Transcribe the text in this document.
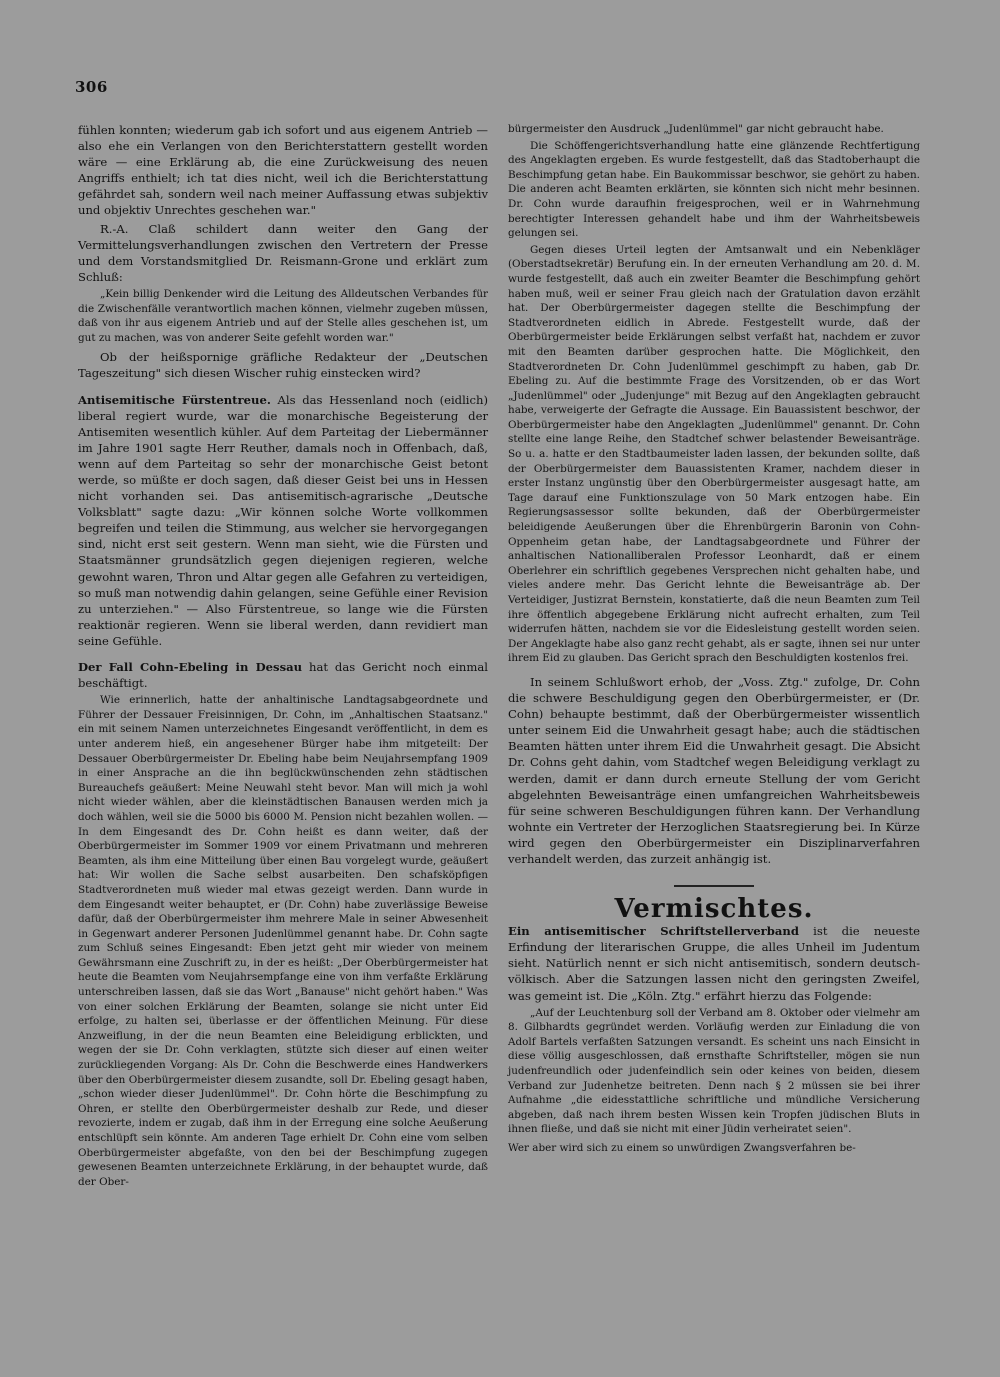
306

fühlen konnten; wiederum gab ich sofort und aus eigenem Antrieb — also ehe ein Verlangen von den Berichterstattern gestellt worden wäre — eine Erklärung ab, die eine Zurückweisung des neuen Angriffs enthielt; ich tat dies nicht, weil ich die Berichterstattung gefährdet sah, sondern weil nach meiner Auffassung etwas subjektiv und objektiv Unrechtes geschehen war."

R.-A. Claß schildert dann weiter den Gang der Vermittelungsverhandlungen zwischen den Vertretern der Presse und dem Vorstandsmitglied Dr. Reismann-Grone und erklärt zum Schluß:

„Kein billig Denkender wird die Leitung des Alldeutschen Verbandes für die Zwischenfälle verantwortlich machen können, vielmehr zugeben müssen, daß von ihr aus eigenem Antrieb und auf der Stelle alles geschehen ist, um gut zu machen, was von anderer Seite gefehlt worden war."

Ob der heißspornige gräfliche Redakteur der „Deutschen Tageszeitung" sich diesen Wischer ruhig einstecken wird?

Antisemitische Fürstentreue. Als das Hessenland noch (eidlich) liberal regiert wurde, war die monarchische Begeisterung der Antisemiten wesentlich kühler. Auf dem Parteitag der Liebermänner im Jahre 1901 sagte Herr Reuther, damals noch in Offenbach, daß, wenn auf dem Parteitag so sehr der monarchische Geist betont werde, so müßte er doch sagen, daß dieser Geist bei uns in Hessen nicht vorhanden sei. Das antisemitisch-agrarische „Deutsche Volksblatt" sagte dazu: „Wir können solche Worte vollkommen begreifen und teilen die Stimmung, aus welcher sie hervorgegangen sind, nicht erst seit gestern. Wenn man sieht, wie die Fürsten und Staatsmänner grundsätzlich gegen diejenigen regieren, welche gewohnt waren, Thron und Altar gegen alle Gefahren zu verteidigen, so muß man notwendig dahin gelangen, seine Gefühle einer Revision zu unterziehen." — Also Fürstentreue, so lange wie die Fürsten reaktionär regieren. Wenn sie liberal werden, dann revidiert man seine Gefühle.

Der Fall Cohn-Ebeling in Dessau hat das Gericht noch einmal beschäftigt.

Wie erinnerlich, hatte der anhaltinische Landtagsabgeordnete und Führer der Dessauer Freisinnigen, Dr. Cohn, im „Anhaltischen Staatsanz." ein mit seinem Namen unterzeichnetes Eingesandt veröffentlicht, in dem es unter anderem hieß, ein angesehener Bürger habe ihm mitgeteilt: Der Dessauer Oberbürgermeister Dr. Ebeling habe beim Neujahrsempfang 1909 in einer Ansprache an die ihn beglückwünschenden zehn städtischen Bureauchefs geäußert: Meine Neuwahl steht bevor. Man will mich ja wohl nicht wieder wählen, aber die kleinstädtischen Banausen werden mich ja doch wählen, weil sie die 5000 bis 6000 M. Pension nicht bezahlen wollen. — In dem Eingesandt des Dr. Cohn heißt es dann weiter, daß der Oberbürgermeister im Sommer 1909 vor einem Privatmann und mehreren Beamten, als ihm eine Mitteilung über einen Bau vorgelegt wurde, geäußert hat: Wir wollen die Sache selbst ausarbeiten. Den schafsköpfigen Stadtverordneten muß wieder mal etwas gezeigt werden. Dann wurde in dem Eingesandt weiter behauptet, er (Dr. Cohn) habe zuverlässige Beweise dafür, daß der Oberbürgermeister ihm mehrere Male in seiner Abwesenheit in Gegenwart anderer Personen Judenlümmel genannt habe. Dr. Cohn sagte zum Schluß seines Eingesandt: Eben jetzt geht mir wieder von meinem Gewährsmann eine Zuschrift zu, in der es heißt: „Der Oberbürgermeister hat heute die Beamten vom Neujahrsempfange eine von ihm verfaßte Erklärung unterschreiben lassen, daß sie das Wort „Banause" nicht gehört haben." Was von einer solchen Erklärung der Beamten, solange sie nicht unter Eid erfolge, zu halten sei, überlasse er der öffentlichen Meinung. Für diese Anzweiflung, in der die neun Beamten eine Beleidigung erblickten, und wegen der sie Dr. Cohn verklagten, stützte sich dieser auf einen weiter zurückliegenden Vorgang: Als Dr. Cohn die Beschwerde eines Handwerkers über den Oberbürgermeister diesem zusandte, soll Dr. Ebeling gesagt haben, „schon wieder dieser Judenlümmel". Dr. Cohn hörte die Beschimpfung zu Ohren, er stellte den Oberbürgermeister deshalb zur Rede, und dieser revozierte, indem er zugab, daß ihm in der Erregung eine solche Aeußerung entschlüpft sein könnte. Am anderen Tage erhielt Dr. Cohn eine vom selben Oberbürgermeister abgefaßte, von den bei der Beschimpfung zugegen gewesenen Beamten unterzeichnete Erklärung, in der behauptet wurde, daß der Ober-

bürgermeister den Ausdruck „Judenlümmel" gar nicht gebraucht habe.

Die Schöffengerichtsverhandlung hatte eine glänzende Rechtfertigung des Angeklagten ergeben. Es wurde festgestellt, daß das Stadtoberhaupt die Beschimpfung getan habe. Ein Baukommissar beschwor, sie gehört zu haben. Die anderen acht Beamten erklärten, sie könnten sich nicht mehr besinnen. Dr. Cohn wurde daraufhin freigesprochen, weil er in Wahrnehmung berechtigter Interessen gehandelt habe und ihm der Wahrheitsbeweis gelungen sei.

Gegen dieses Urteil legten der Amtsanwalt und ein Nebenkläger (Oberstadtsekretär) Berufung ein. In der erneuten Verhandlung am 20. d. M. wurde festgestellt, daß auch ein zweiter Beamter die Beschimpfung gehört haben muß, weil er seiner Frau gleich nach der Gratulation davon erzählt hat. Der Oberbürgermeister dagegen stellte die Beschimpfung der Stadtverordneten eidlich in Abrede. Festgestellt wurde, daß der Oberbürgermeister beide Erklärungen selbst verfaßt hat, nachdem er zuvor mit den Beamten darüber gesprochen hatte. Die Möglichkeit, den Stadtverordneten Dr. Cohn Judenlümmel geschimpft zu haben, gab Dr. Ebeling zu. Auf die bestimmte Frage des Vorsitzenden, ob er das Wort „Judenlümmel" oder „Judenjunge" mit Bezug auf den Angeklagten gebraucht habe, verweigerte der Gefragte die Aussage. Ein Bauassistent beschwor, der Oberbürgermeister habe den Angeklagten „Judenlümmel" genannt. Dr. Cohn stellte eine lange Reihe, den Stadtchef schwer belastender Beweisanträge. So u. a. hatte er den Stadtbaumeister laden lassen, der bekunden sollte, daß der Oberbürgermeister dem Bauassistenten Kramer, nachdem dieser in erster Instanz ungünstig über den Oberbürgermeister ausgesagt hatte, am Tage darauf eine Funktionszulage von 50 Mark entzogen habe. Ein Regierungsassessor sollte bekunden, daß der Oberbürgermeister beleidigende Aeußerungen über die Ehrenbürgerin Baronin von Cohn-Oppenheim getan habe, der Landtagsabgeordnete und Führer der anhaltischen Nationalliberalen Professor Leonhardt, daß er einem Oberlehrer ein schriftlich gegebenes Versprechen nicht gehalten habe, und vieles andere mehr. Das Gericht lehnte die Beweisanträge ab. Der Verteidiger, Justizrat Bernstein, konstatierte, daß die neun Beamten zum Teil ihre öffentlich abgegebene Erklärung nicht aufrecht erhalten, zum Teil widerrufen hätten, nachdem sie vor die Eidesleistung gestellt worden seien. Der Angeklagte habe also ganz recht gehabt, als er sagte, ihnen sei nur unter ihrem Eid zu glauben. Das Gericht sprach den Beschuldigten kostenlos frei.

In seinem Schlußwort erhob, der „Voss. Ztg." zufolge, Dr. Cohn die schwere Beschuldigung gegen den Oberbürgermeister, er (Dr. Cohn) behaupte bestimmt, daß der Oberbürgermeister wissentlich unter seinem Eid die Unwahrheit gesagt habe; auch die städtischen Beamten hätten unter ihrem Eid die Unwahrheit gesagt. Die Absicht Dr. Cohns geht dahin, vom Stadtchef wegen Beleidigung verklagt zu werden, damit er dann durch erneute Stellung der vom Gericht abgelehnten Beweisanträge einen umfangreichen Wahrheitsbeweis für seine schweren Beschuldigungen führen kann. Der Verhandlung wohnte ein Vertreter der Herzoglichen Staatsregierung bei. In Kürze wird gegen den Oberbürgermeister ein Disziplinarverfahren verhandelt werden, das zurzeit anhängig ist.

Vermischtes.

Ein antisemitischer Schriftstellerverband ist die neueste Erfindung der literarischen Gruppe, die alles Unheil im Judentum sieht. Natürlich nennt er sich nicht antisemitisch, sondern deutsch-völkisch. Aber die Satzungen lassen nicht den geringsten Zweifel, was gemeint ist. Die „Köln. Ztg." erfährt hierzu das Folgende:

„Auf der Leuchtenburg soll der Verband am 8. Oktober oder vielmehr am 8. Gilbhardts gegründet werden. Vorläufig werden zur Einladung die von Adolf Bartels verfaßten Satzungen versandt. Es scheint uns nach Einsicht in diese völlig ausgeschlossen, daß ernsthafte Schriftsteller, mögen sie nun judenfreundlich oder judenfeindlich sein oder keines von beiden, diesem Verband zur Judenhetze beitreten. Denn nach § 2 müssen sie bei ihrer Aufnahme „die eidesstattliche schriftliche und mündliche Versicherung abgeben, daß nach ihrem besten Wissen kein Tropfen jüdischen Bluts in ihnen fließe, und daß sie nicht mit einer Jüdin verheiratet seien".

Wer aber wird sich zu einem so unwürdigen Zwangsverfahren be-
